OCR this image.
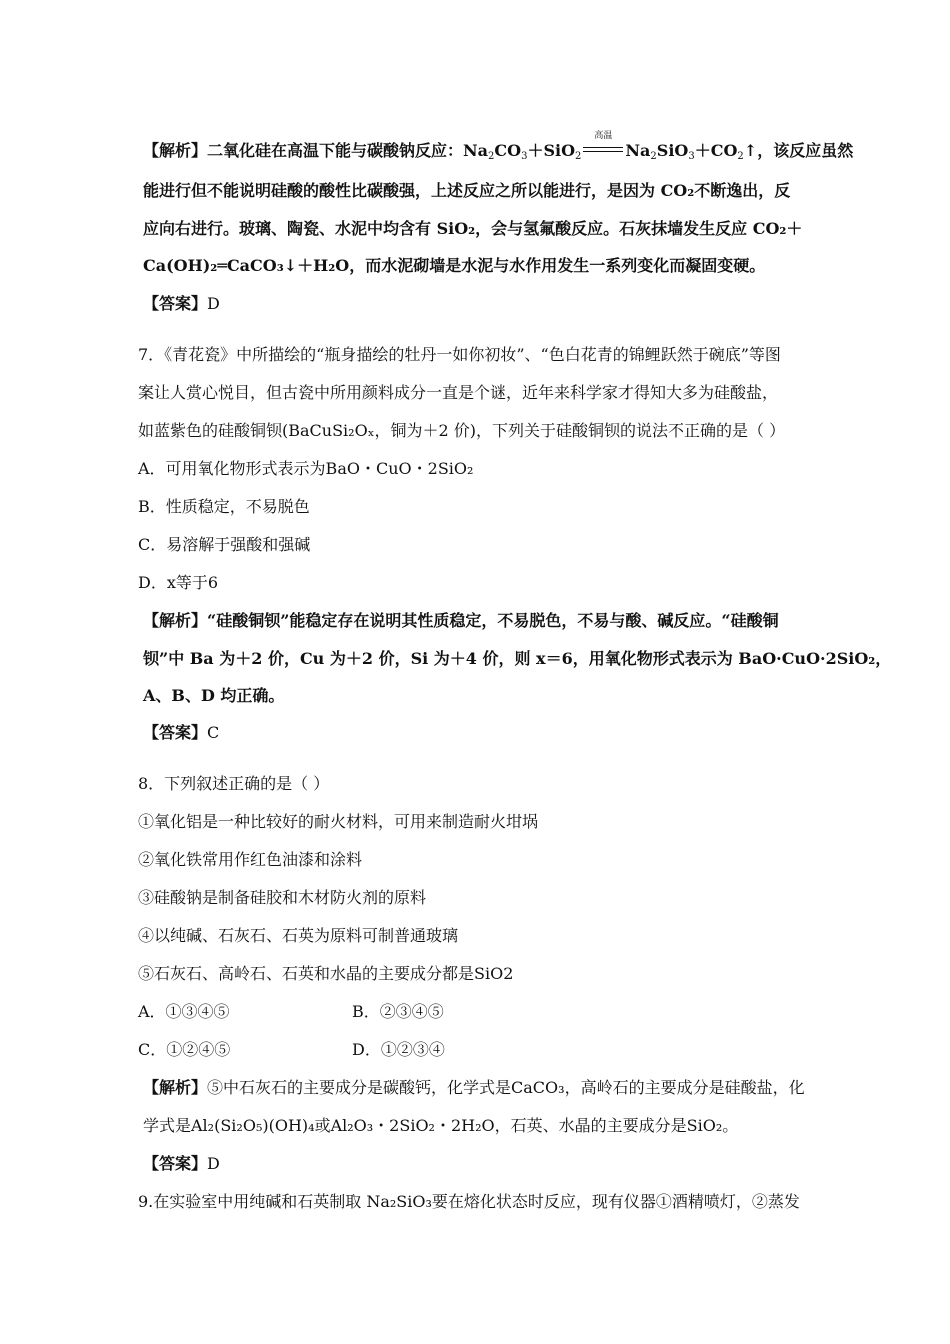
【解析】二氧化硅在高温下能与碳酸钠反应：$Na_2CO_3+SiO_2$
高温
$Na_2SiO_3+CO_2↑$，该反应虽然
能进行但不能说明硅酸的酸性比碳酸强，上述反应之所以能进行，是因为 CO₂不断逸出，反
应向右进行。玻璃、陶瓷、水泥中均含有 SiO₂，会与氢氟酸反应。石灰抹墙发生反应 CO₂＋
Ca(OH)₂═CaCO₃↓＋H₂O，而水泥砌墙是水泥与水作用发生一系列变化而凝固变硬。
【答案】D
7．《青花瓷》中所描绘的“瓶身描绘的牡丹一如你初妆”、“色白花青的锦鲤跃然于碗底”等图
案让人赏心悦目，但古瓷中所用颜料成分一直是个谜，近年来科学家才得知大多为硅酸盐，
如蓝紫色的硅酸铜钡(BaCuSi₂Oₓ，铜为＋2 价)，下列关于硅酸铜钡的说法不正确的是（ ）
A．可用氧化物形式表示为BaO・CuO・2SiO₂
B．性质稳定，不易脱色
C．易溶解于强酸和强碱
D．x等于6
【解析】“硅酸铜钡”能稳定存在说明其性质稳定，不易脱色，不易与酸、碱反应。“硅酸铜
钡”中 Ba 为＋2 价，Cu 为＋2 价，Si 为＋4 价，则 x＝6，用氧化物形式表示为 BaO·CuO·2SiO₂，
A、B、D 均正确。
【答案】C
8．下列叙述正确的是（ ）
①氧化铝是一种比较好的耐火材料，可用来制造耐火坩埚
②氧化铁常用作红色油漆和涂料
③硅酸钠是制备硅胶和木材防火剂的原料
④以纯碱、石灰石、石英为原料可制普通玻璃
⑤石灰石、高岭石、石英和水晶的主要成分都是SiO2
A．①③④⑤	B．②③④⑤
C．①②④⑤	D．①②③④
【解析】⑤中石灰石的主要成分是碳酸钙，化学式是CaCO₃，高岭石的主要成分是硅酸盐，化
学式是Al₂(Si₂O₅)(OH)₄或Al₂O₃・2SiO₂・2H₂O，石英、水晶的主要成分是SiO₂。
【答案】D
9.在实验室中用纯碱和石英制取 Na₂SiO₃要在熔化状态时反应，现有仪器①酒精喷灯，②蒸发
